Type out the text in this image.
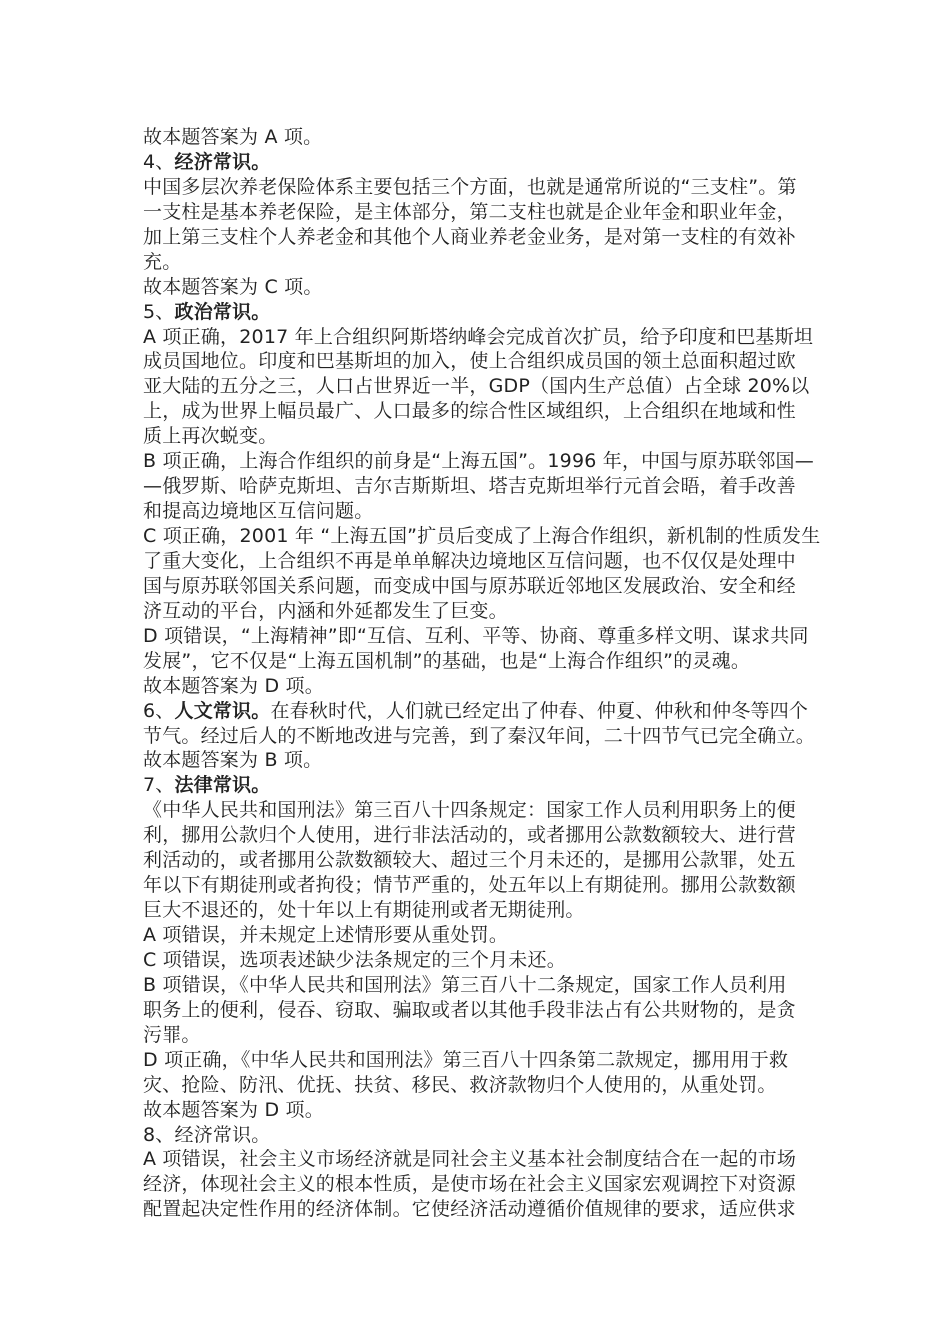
故本题答案为 A 项。
4、经济常识。
中国多层次养老保险体系主要包括三个方面，也就是通常所说的“三支柱”。第
一支柱是基本养老保险，是主体部分，第二支柱也就是企业年金和职业年金，
加上第三支柱个人养老金和其他个人商业养老金业务，是对第一支柱的有效补
充。
故本题答案为 C 项。
5、政治常识。
A 项正确，2017 年上合组织阿斯塔纳峰会完成首次扩员，给予印度和巴基斯坦
成员国地位。印度和巴基斯坦的加入，使上合组织成员国的领土总面积超过欧
亚大陆的五分之三，人口占世界近一半，GDP（国内生产总值）占全球 20%以
上，成为世界上幅员最广、人口最多的综合性区域组织，上合组织在地域和性
质上再次蜕变。
B 项正确，上海合作组织的前身是“上海五国”。1996 年，中国与原苏联邻国—
—俄罗斯、哈萨克斯坦、吉尔吉斯斯坦、塔吉克斯坦举行元首会晤，着手改善
和提高边境地区互信问题。
C 项正确，2001 年 “上海五国”扩员后变成了上海合作组织，新机制的性质发生
了重大变化，上合组织不再是单单解决边境地区互信问题，也不仅仅是处理中
国与原苏联邻国关系问题，而变成中国与原苏联近邻地区发展政治、安全和经
济互动的平台，内涵和外延都发生了巨变。
D 项错误，“上海精神”即“互信、互利、平等、协商、尊重多样文明、谋求共同
发展”，它不仅是“上海五国机制”的基础，也是“上海合作组织”的灵魂。
故本题答案为 D 项。
6、人文常识。在春秋时代，人们就已经定出了仲春、仲夏、仲秋和仲冬等四个
节气。经过后人的不断地改进与完善，到了秦汉年间，二十四节气已完全确立。
故本题答案为 B 项。
7、法律常识。
《中华人民共和国刑法》第三百八十四条规定：国家工作人员利用职务上的便
利，挪用公款归个人使用，进行非法活动的，或者挪用公款数额较大、进行营
利活动的，或者挪用公款数额较大、超过三个月未还的，是挪用公款罪，处五
年以下有期徒刑或者拘役；情节严重的，处五年以上有期徒刑。挪用公款数额
巨大不退还的，处十年以上有期徒刑或者无期徒刑。
A 项错误，并未规定上述情形要从重处罚。
C 项错误，选项表述缺少法条规定的三个月未还。
B 项错误，《中华人民共和国刑法》第三百八十二条规定，国家工作人员利用
职务上的便利，侵吞、窃取、骗取或者以其他手段非法占有公共财物的，是贪
污罪。
D 项正确，《中华人民共和国刑法》第三百八十四条第二款规定，挪用用于救
灾、抢险、防汛、优抚、扶贫、移民、救济款物归个人使用的，从重处罚。
故本题答案为 D 项。
8、经济常识。
A 项错误，社会主义市场经济就是同社会主义基本社会制度结合在一起的市场
经济，体现社会主义的根本性质，是使市场在社会主义国家宏观调控下对资源
配置起决定性作用的经济体制。它使经济活动遵循价值规律的要求，适应供求
